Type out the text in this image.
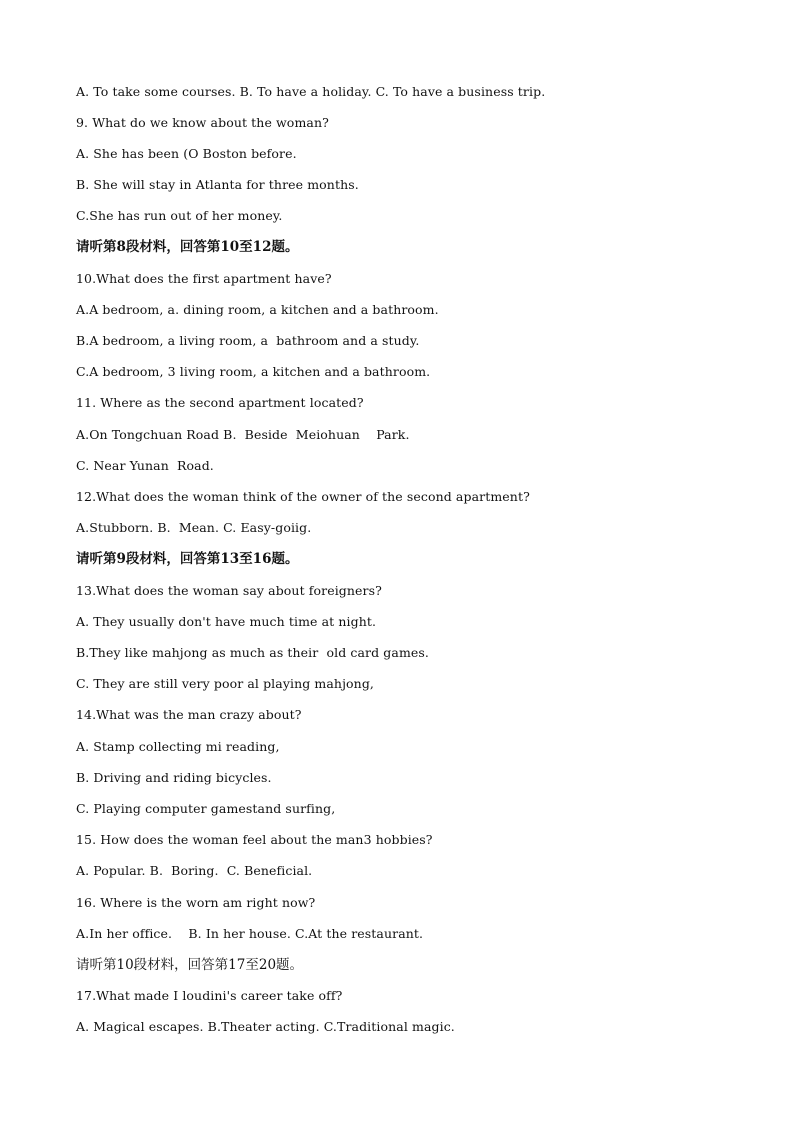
A. To take some courses. B. To have a holiday. C. To have a business trip.
9. What do we know about the woman?
A. She has been (O Boston before.
B. She will stay in Atlanta for three months.
C.She has run out of her money.
请听第8段材料，回答第10至12题。
10.What does the first apartment have?
A.A bedroom, a. dining room, a kitchen and a bathroom.
B.A bedroom, a living room, a  bathroom and a study.
C.A bedroom, 3 living room, a kitchen and a bathroom.
11. Where as the second apartment located?
A.On Tongchuan Road B.  Beside  Meiohuan    Park.
C. Near Yunan  Road.
12.What does the woman think of the owner of the second apartment?
A.Stubborn. B.  Mean. C. Easy-goiig.
请听第9段材料，回答第13至16题。
13.What does the woman say about foreigners?
A. They usually don't have much time at night.
B.They like mahjong as much as their  old card games.
C. They are still very poor al playing mahjong,
14.What was the man crazy about?
A. Stamp collecting mi reading,
B. Driving and riding bicycles.
C. Playing computer gamestand surfing,
15. How does the woman feel about the man3 hobbies?
A. Popular. B.  Boring.  C. Beneficial.
16. Where is the worn am right now?
A.In her office.    B. In her house. C.At the restaurant.
请听第10段材料，回答第17至20题。
17.What made I loudini's career take off?
A. Magical escapes. B.Theater acting. C.Traditional magic.
